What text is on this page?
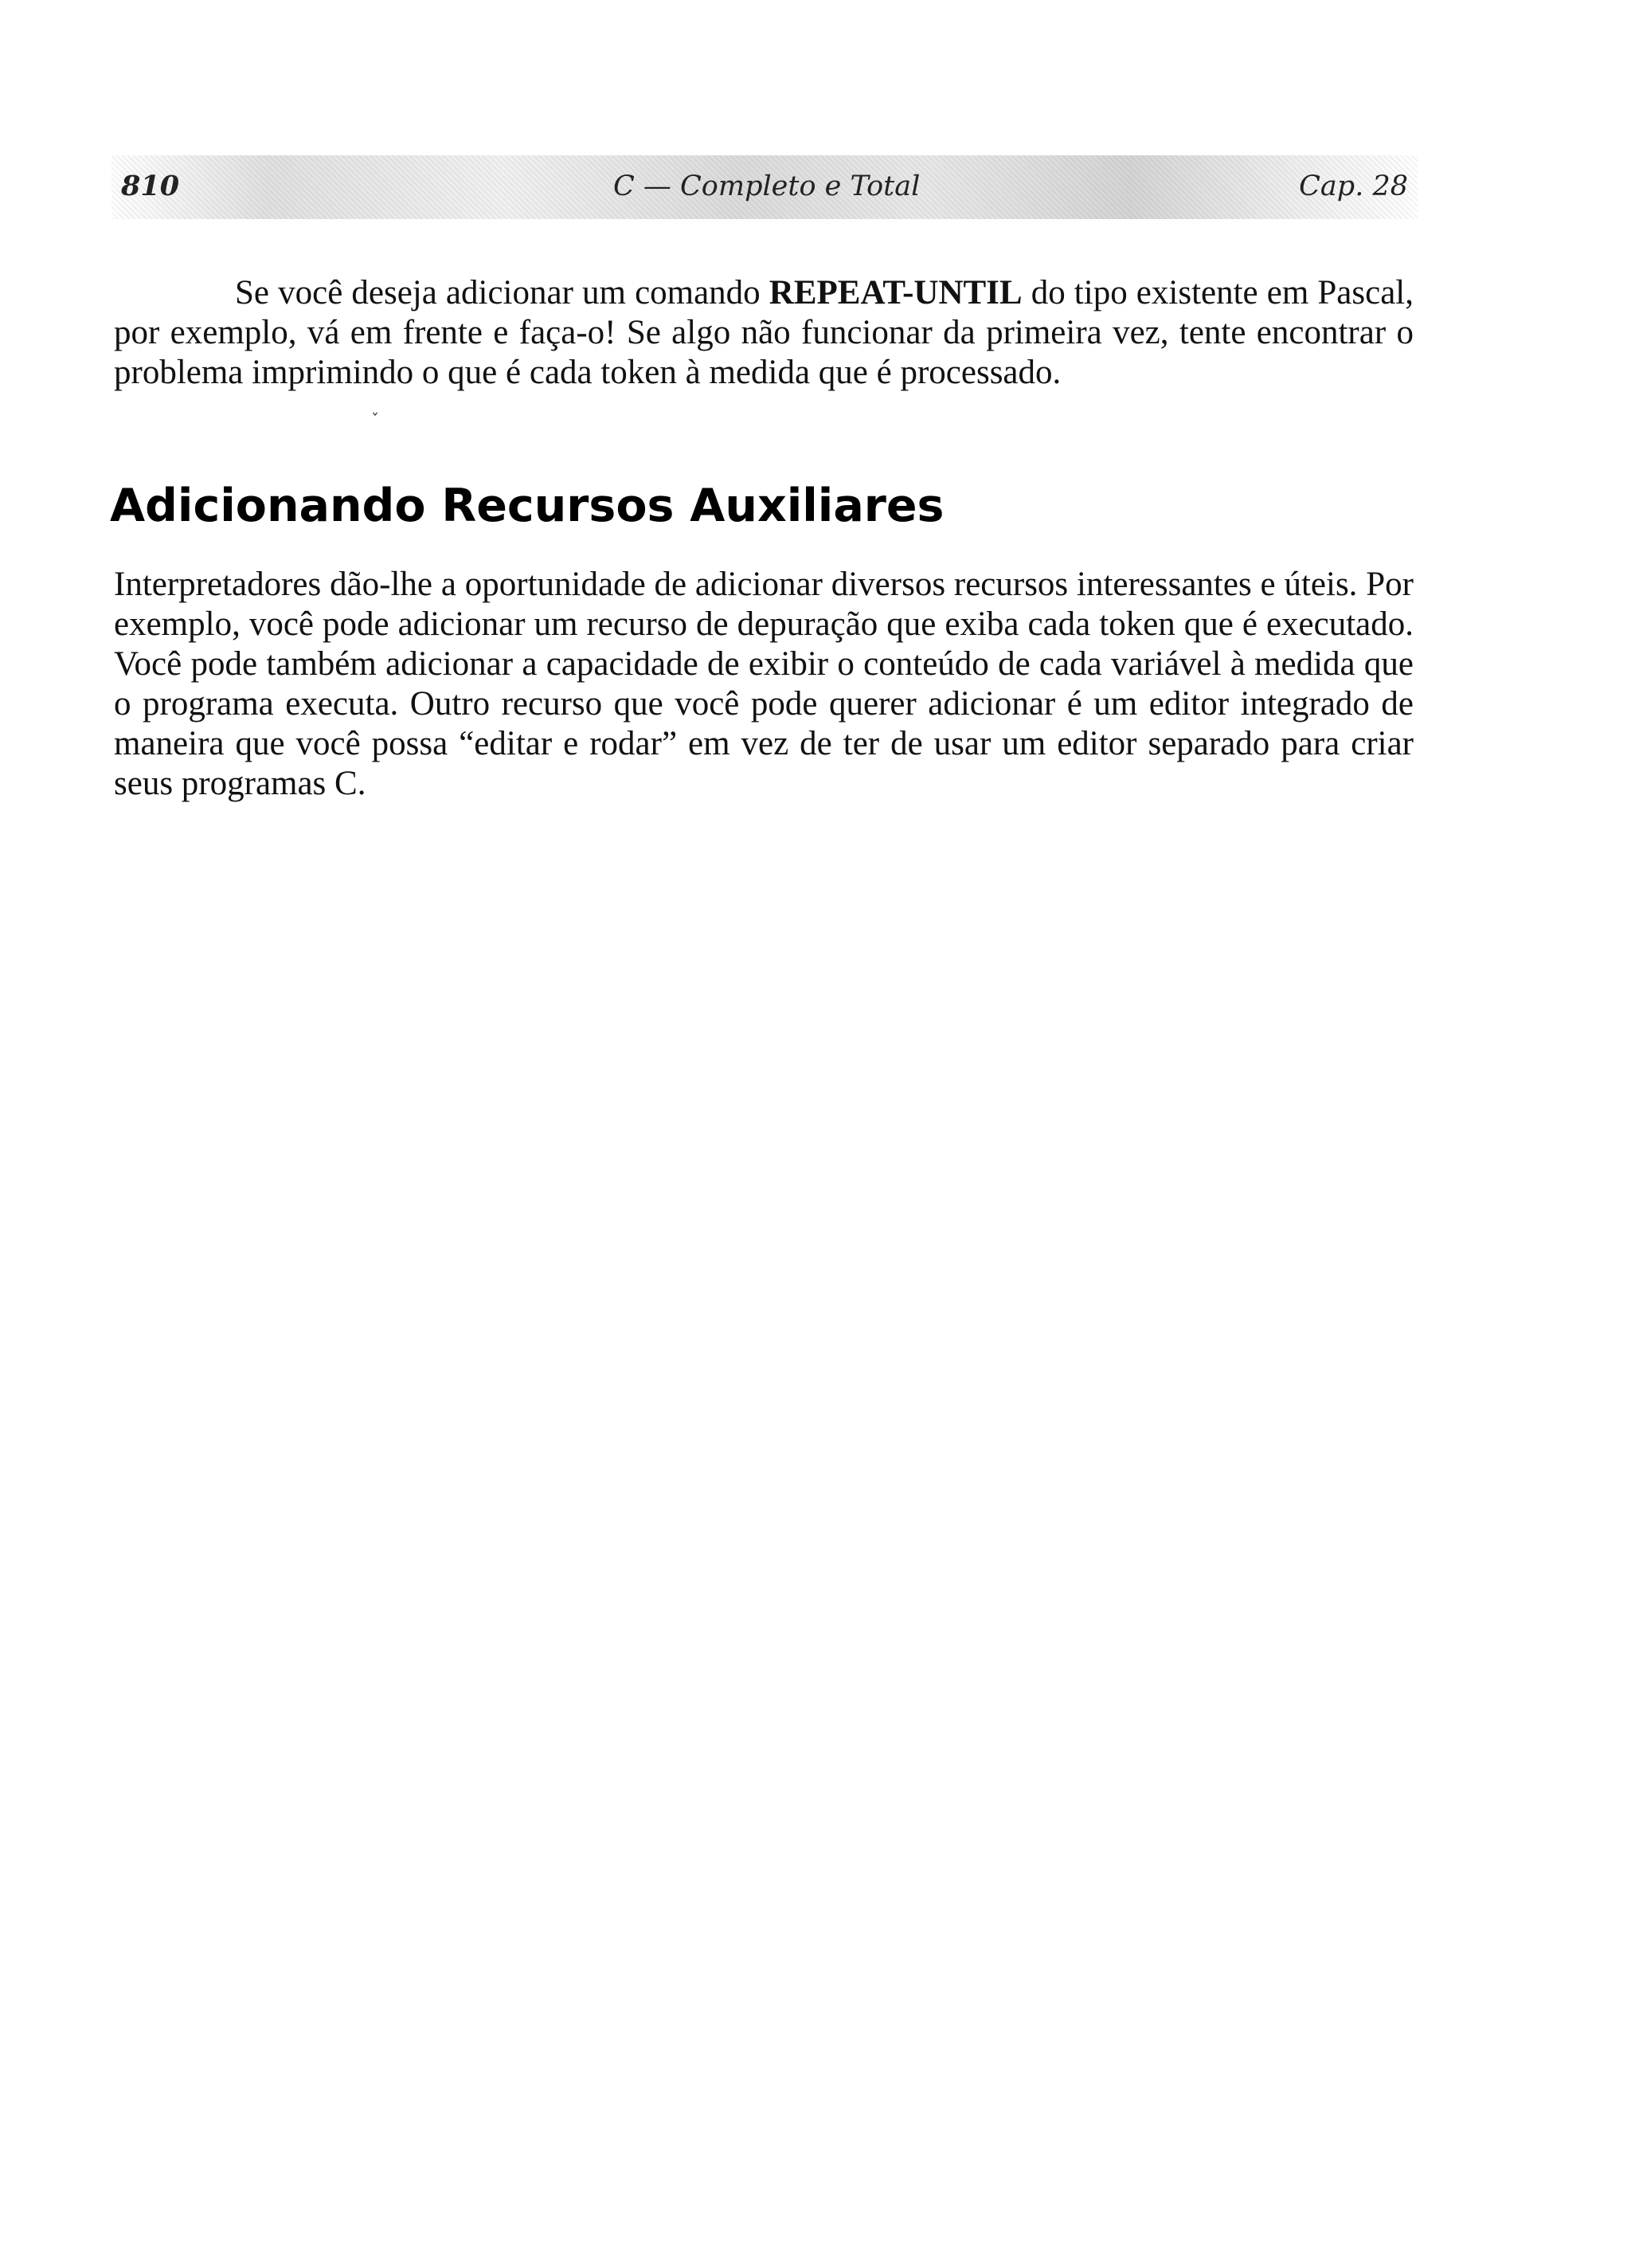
810	C — Completo e Total	Cap. 28

Se você deseja adicionar um comando REPEAT-UNTIL do tipo existente em Pascal, por exemplo, vá em frente e faça-o! Se algo não funcionar da primeira vez, tente encontrar o problema imprimindo o que é cada token à medida que é processado.

ˇ
Adicionando Recursos Auxiliares

Interpretadores dão-lhe a oportunidade de adicionar diversos recursos interessantes e úteis. Por exemplo, você pode adicionar um recurso de depuração que exiba cada token que é executado. Você pode também adicionar a capacidade de exibir o conteúdo de cada variável à medida que o programa executa. Outro recurso que você pode querer adicionar é um editor integrado de maneira que você possa “editar e rodar” em vez de ter de usar um editor separado para criar seus programas C.
